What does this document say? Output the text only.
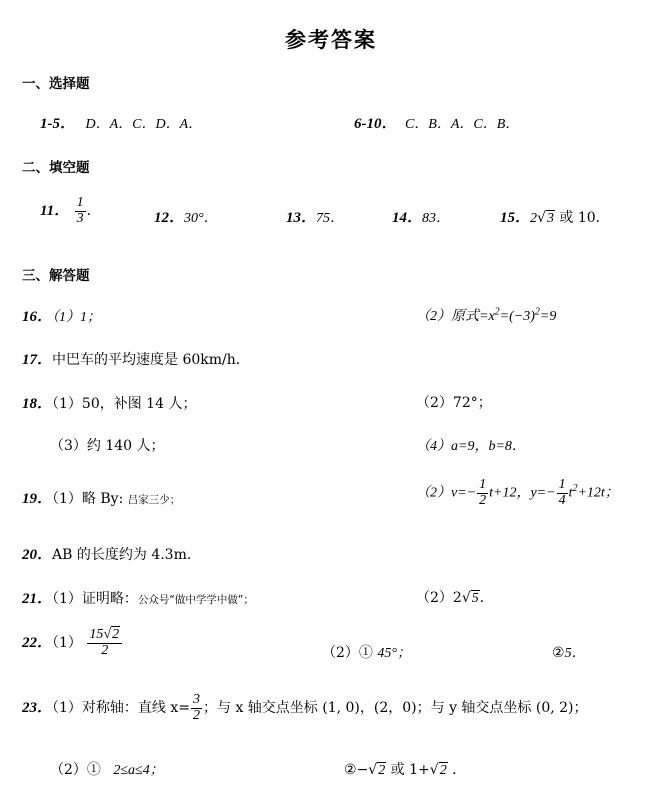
参考答案
一、选择题
1-5． D．A．C．D．A．	6-10． C．B．A．C．B．
二、填空题
11． $\frac{1}{3}$ ．	12．30°．	13．75．	14．83．	15．2√3 或 10．
三、解答题
16．（1）1；	（2）原式$=x^2=(-3)^2=9$
17．中巴车的平均速度是 60km/h．
18．（1）50，补图 14 人；	（2）72°；
（3）约 140 人；	（4）a=9，b=8．
19．（1）略 By: 吕家三少；	$(2)v=- \frac{1}{2} t+12$，$y=- \frac{1}{4} t^2+12t$；
20．AB 的长度约为 4.3m．
21．（1）证明略：公众号“做中学学中做”；	（2）2√5．
22．$(1) \frac{15√2}{2}$	（2）① 45°；	②5．
23．（1）对称轴：直线 $x= \frac{3}{2}$ ；与 x 轴交点坐标 (1, 0)，(2，0)；与 y 轴交点坐标 (0, 2)；
（2）① 2≤a≤4；	②−√2 或 1+√2 ．
